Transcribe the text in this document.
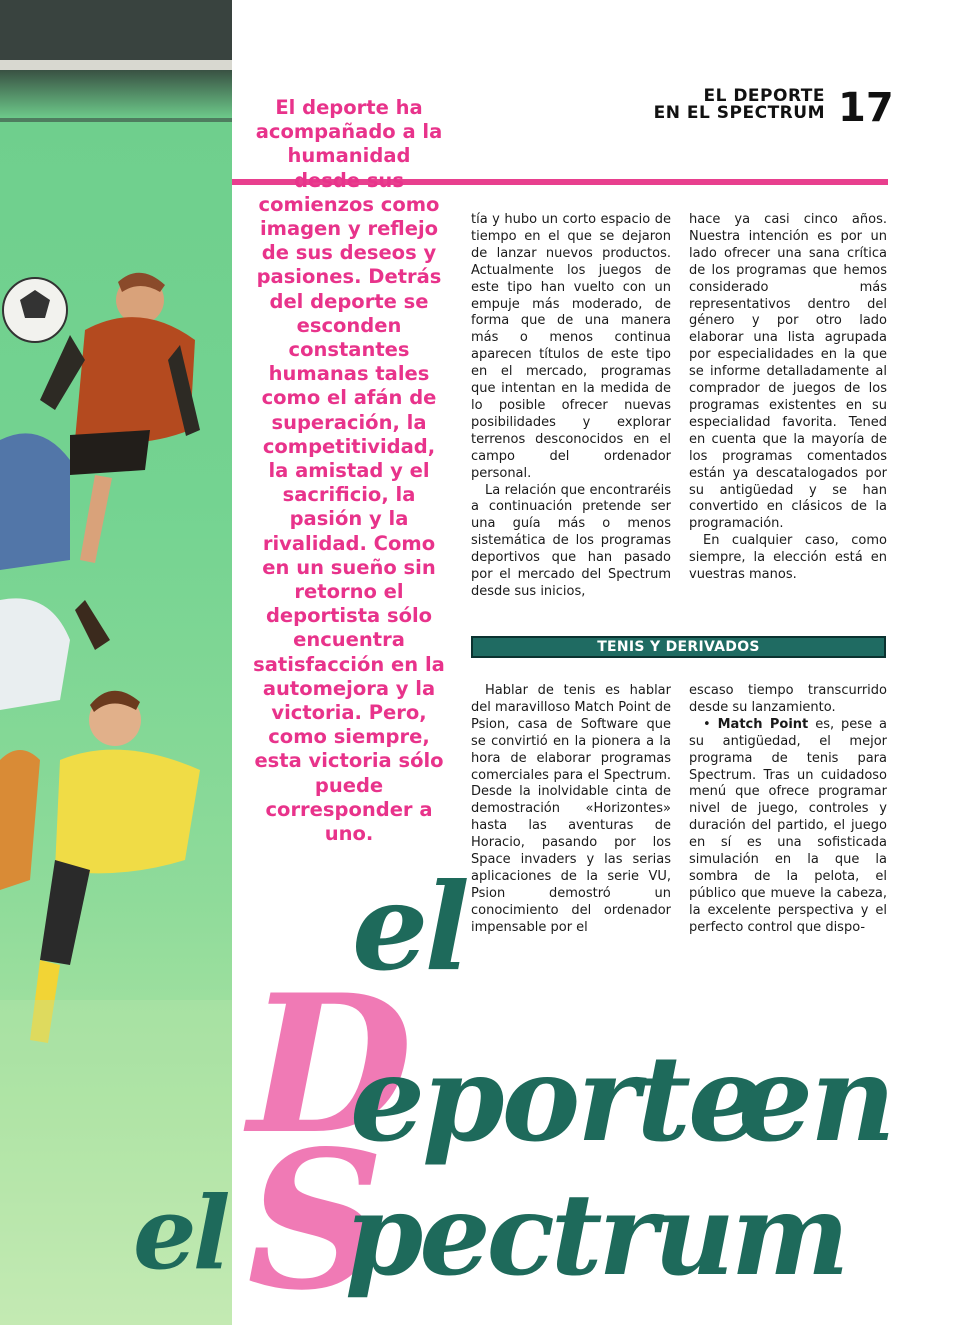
EL DEPORTE
EN EL SPECTRUM 17
El deporte ha
acompañado a la
humanidad
desde sus
comienzos como
imagen y reflejo
de sus deseos y
pasiones. Detrás
del deporte se
esconden
constantes
humanas tales
como el afán de
superación, la
competitividad,
la amistad y el
sacrificio, la
pasión y la
rivalidad. Como
en un sueño sin
retorno el
deportista sólo
encuentra
satisfacción en la
automejora y la
victoria. Pero,
como siempre,
esta victoria sólo
puede
corresponder a
uno.

tía y hubo un corto espacio de tiempo en el que se dejaron de lanzar nuevos productos. Actualmente los juegos de este tipo han vuelto con un empuje más moderado, de forma que de una manera más o menos continua aparecen títulos de este tipo en el mercado, programas que intentan en la medida de lo posible ofrecer nuevas posibilidades y explorar terrenos desconocidos en el campo del ordenador personal.

La relación que encontraréis a continuación pretende ser una guía más o menos sistemática de los programas deportivos que han pasado por el mercado del Spectrum desde sus inicios,

hace ya casi cinco años. Nuestra intención es por un lado ofrecer una sana crítica de los programas que hemos considerado más representativos dentro del género y por otro lado elaborar una lista agrupada por especialidades en la que se informe detalladamente al comprador de juegos de los programas existentes en su especialidad favorita. Tened en cuenta que la mayoría de los programas comentados están ya descatalogados por su antigüedad y se han convertido en clásicos de la programación.

En cualquier caso, como siempre, la elección está en vuestras manos.

TENIS Y DERIVADOS

Hablar de tenis es hablar del maravilloso Match Point de Psion, casa de Software que se convirtió en la pionera a la hora de elaborar programas comerciales para el Spectrum. Desde la inolvidable cinta de demostración «Horizontes» hasta las aventuras de Horacio, pasando por los Space invaders y las serias aplicaciones de la serie VU, Psion demostró un conocimiento del ordenador impensable por el

escaso tiempo transcurrido desde su lanzamiento.

• Match Point es, pese a su antigüedad, el mejor programa de tenis para Spectrum. Tras un cuidadoso menú que ofrece programar nivel de juego, controles y duración del partido, el juego en sí es una sofisticada simulación en la que la sombra de la pelota, el público que mueve la cabeza, la excelente perspectiva y el perfecto control que dispo-

el
D
eporte
en
el S
pectrum
